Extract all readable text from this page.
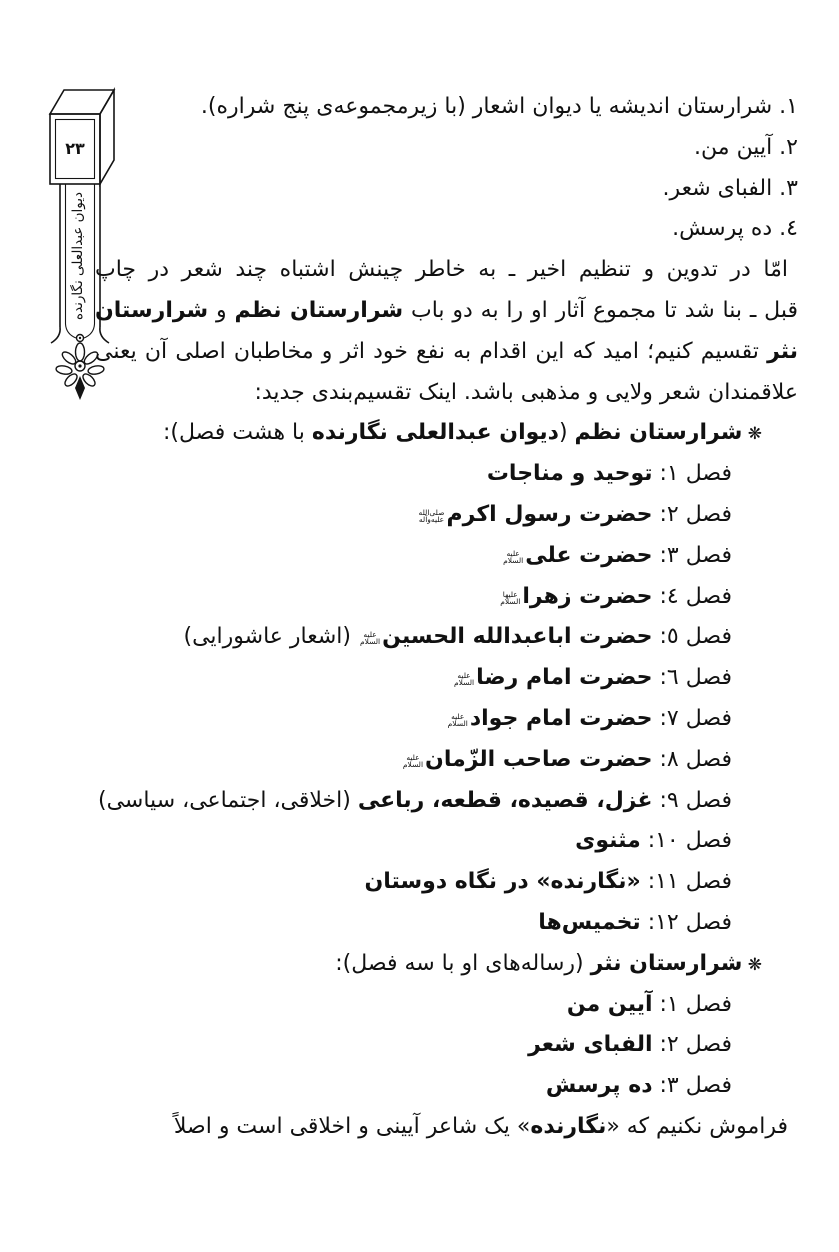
۲۳
دیوان عبدالعلی نگارنده
١. شرارستان اندیشه یا دیوان اشعار (با زیرمجموعه‌ی پنج شراره).
٢. آیین من.
٣. الفبای شعر.
٤. ده پرسش.
امّا در تدوین و تنظیم اخیر ـ به خاطر چینش اشتباه چند شعر در چاپ
قبل ـ بنا شد تا مجموع آثار او را به دو باب شرارستان نظم و شرارستان
نثر تقسیم کنیم؛ امید که این اقدام به نفع خود اثر و مخاطبان اصلی آن یعنی
علاقمندان شعر ولایی و مذهبی باشد. اینک تقسیم‌بندی جدید:
❋ شرارستان نظم (دیوان عبدالعلی نگارنده با هشت فصل):
فصل ١: توحید و مناجات
فصل ٢: حضرت رسول اکرم
صلی‌الله
علیه‌وآله
فصل ٣: حضرت علی
علیه
السلام
فصل ٤: حضرت زهرا
علیها
السلام
فصل ٥: حضرت اباعبدالله الحسین
علیه
السلام
(اشعار عاشورایی)
فصل ٦: حضرت امام رضا
علیه
السلام
فصل ٧: حضرت امام جواد
علیه
السلام
فصل ٨: حضرت صاحب الزّمان
علیه
السلام
فصل ٩: غزل، قصیده، قطعه، رباعی (اخلاقی، اجتماعی، سیاسی)
فصل ١٠: مثنوی
فصل ١١: «نگارنده» در نگاه دوستان
فصل ١٢: تخمیس‌ها
❋ شرارستان نثر (رساله‌های او با سه فصل):
فصل ١: آیین من
فصل ٢: الفبای شعر
فصل ٣: ده پرسش
فراموش نکنیم که «نگارنده» یک شاعر آیینی و اخلاقی است و اصلاً
